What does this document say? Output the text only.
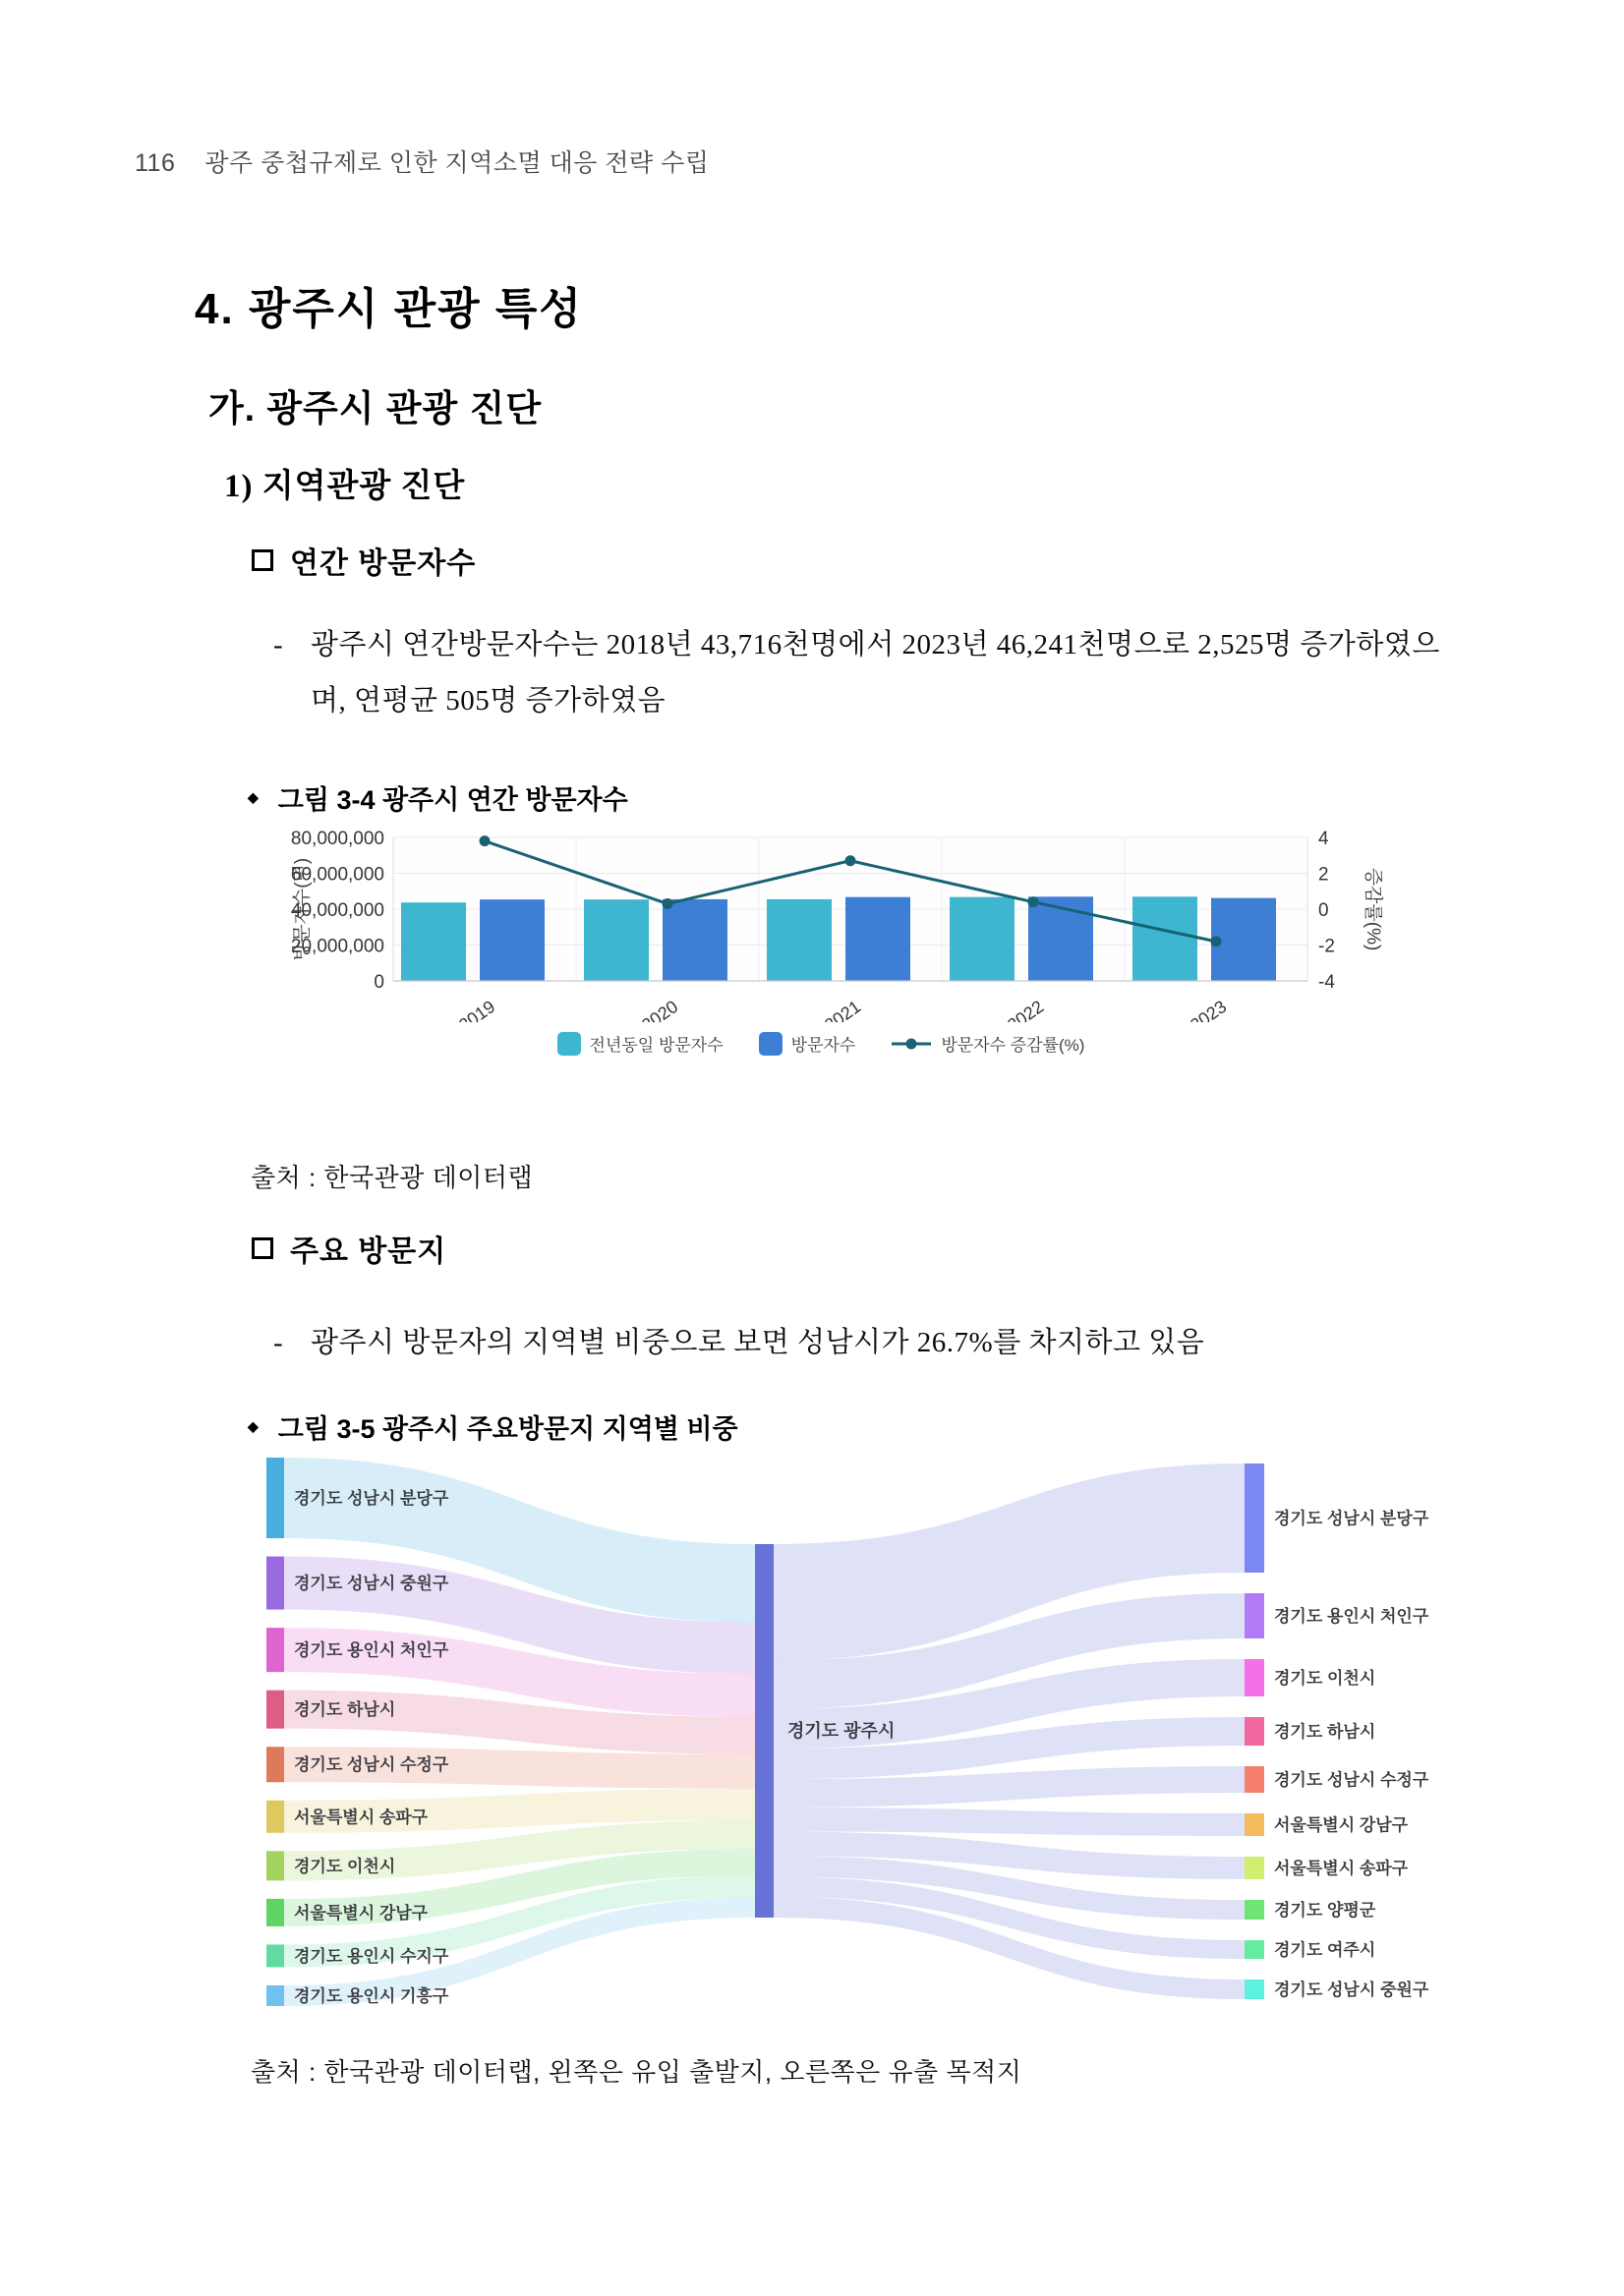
116 광주 중첩규제로 인한 지역소멸 대응 전략 수립
4. 광주시 관광 특성
가. 광주시 관광 진단
1) 지역관광 진단
연간 방문자수
- 광주시 연간방문자수는 2018년 43,716천명에서 2023년 46,241천명으로 2,525명 증가하였으며, 연평균 505명 증가하였음
◆ 그림 3-4 광주시 연간 방문자수
0
20,000,000
40,000,000
60,000,000
80,000,000
-4
-2
0
2
4
2019	2020	2021	2022	2023
방문자수(명)	증감률(%)
전년동일 방문자수	방문자수	방문자수 증감률(%)
출처 : 한국관광 데이터랩
주요 방문지
- 광주시 방문자의 지역별 비중으로 보면 성남시가 26.7%를 차지하고 있음
◆ 그림 3-5 광주시 주요방문지 지역별 비중
경기도 성남시 분당구
경기도 성남시 중원구
경기도 용인시 처인구
경기도 하남시
경기도 성남시 수정구
서울특별시 송파구
경기도 이천시
서울특별시 강남구
경기도 용인시 수지구
경기도 용인시 기흥구
경기도 광주시
경기도 성남시 분당구
경기도 용인시 처인구
경기도 이천시
경기도 하남시
경기도 성남시 수정구
서울특별시 강남구
서울특별시 송파구
경기도 양평군
경기도 여주시
경기도 성남시 중원구
출처 : 한국관광 데이터랩, 왼쪽은 유입 출발지, 오른쪽은 유출 목적지
